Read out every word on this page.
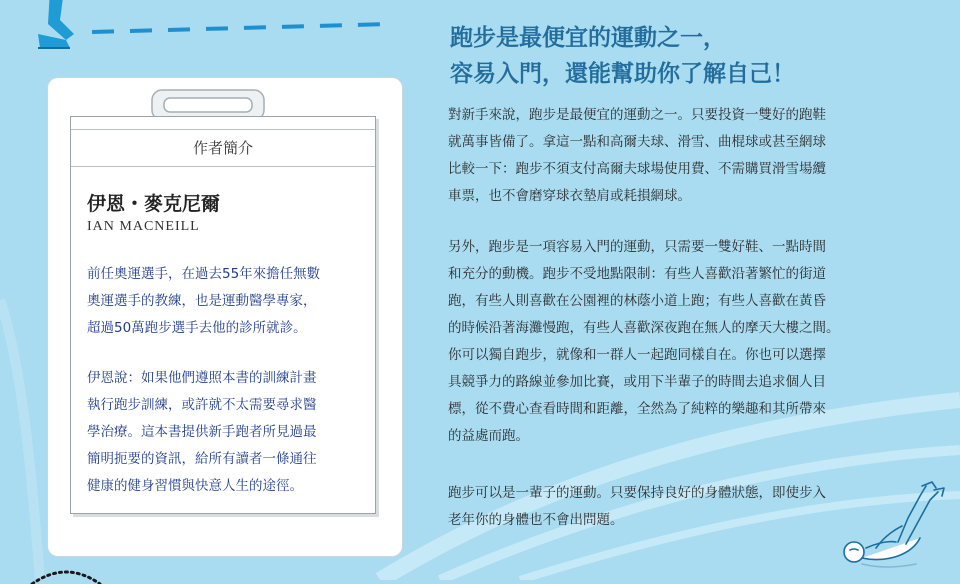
作者簡介
伊恩・麥克尼爾
IAN MACNEILL

前任奧運選手，在過去55年來擔任無數

奧運選手的教練，也是運動醫學專家，

超過50萬跑步選手去他的診所就診。

伊恩說：如果他們遵照本書的訓練計畫

執行跑步訓練，或許就不太需要尋求醫

學治療。這本書提供新手跑者所見過最

簡明扼要的資訊，給所有讀者一條通往

健康的健身習慣與快意人生的途徑。

跑步是最便宜的運動之一，
容易入門，還能幫助你了解自己！

對新手來說，跑步是最便宜的運動之一。只要投資一雙好的跑鞋

就萬事皆備了。拿這一點和高爾夫球、滑雪、曲棍球或甚至網球

比較一下：跑步不須支付高爾夫球場使用費、不需購買滑雪場纜

車票，也不會磨穿球衣墊肩或耗損網球。

另外，跑步是一項容易入門的運動，只需要一雙好鞋、一點時間

和充分的動機。跑步不受地點限制：有些人喜歡沿著繁忙的街道

跑，有些人則喜歡在公園裡的林蔭小道上跑；有些人喜歡在黃昏

的時候沿著海灘慢跑，有些人喜歡深夜跑在無人的摩天大樓之間。

你可以獨自跑步，就像和一群人一起跑同樣自在。你也可以選擇

具競爭力的路線並參加比賽，或用下半輩子的時間去追求個人目

標，從不費心查看時間和距離，全然為了純粹的樂趣和其所帶來

的益處而跑。

跑步可以是一輩子的運動。只要保持良好的身體狀態，即使步入

老年你的身體也不會出問題。
